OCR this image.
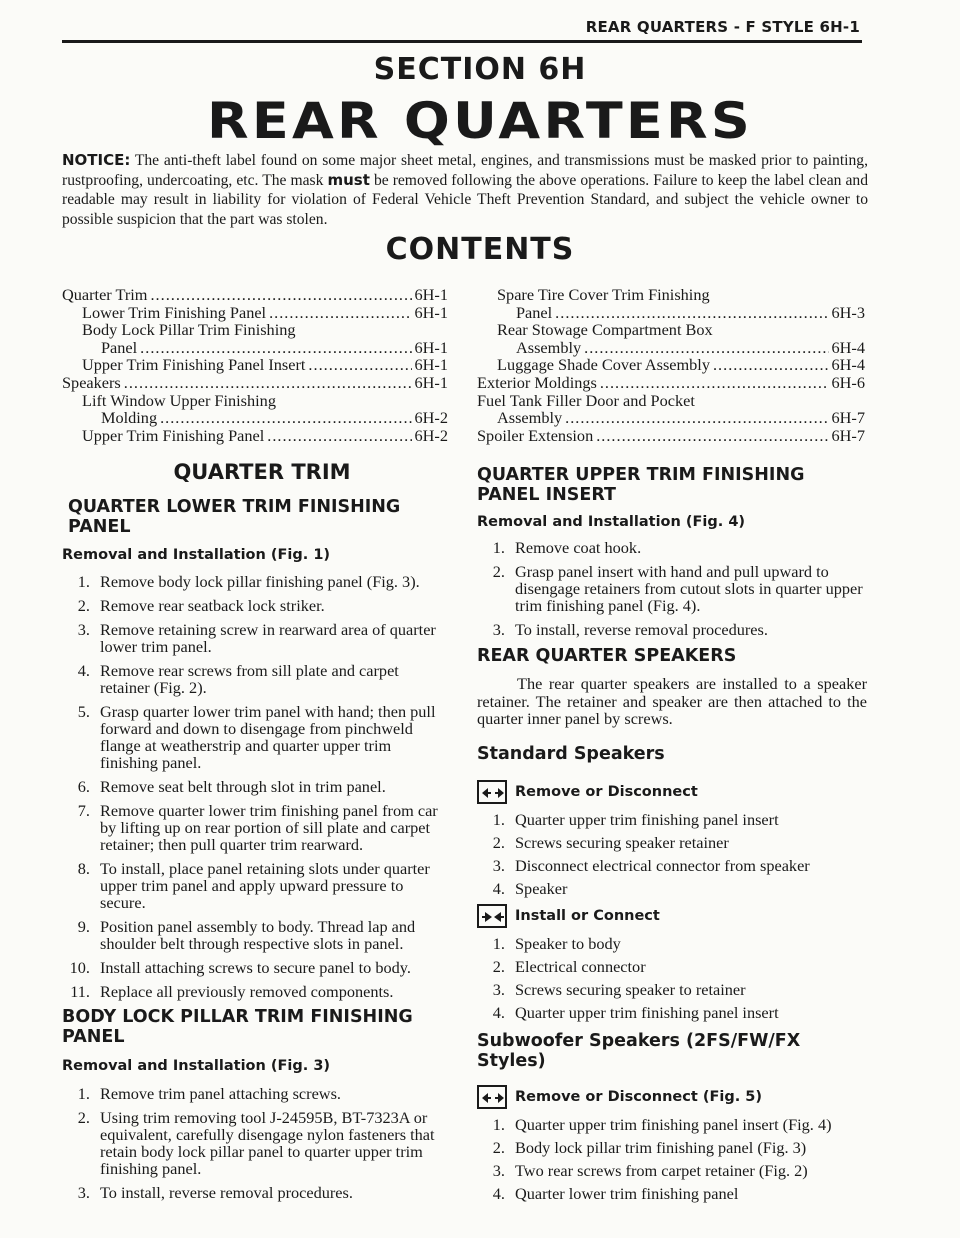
REAR QUARTERS - F STYLE 6H-1
SECTION 6H
REAR QUARTERS
NOTICE: The anti-theft label found on some major sheet metal, engines, and transmissions must be masked prior to painting, rustproofing, undercoating, etc. The mask must be removed following the above operations. Failure to keep the label clean and readable may result in liability for violation of Federal Vehicle Theft Prevention Standard, and subject the vehicle owner to possible suspicion that the part was stolen.
CONTENTS
Quarter Trim .....	6H-1
Lower Trim Finishing Panel .....	6H-1
Body Lock Pillar Trim Finishing
Panel .....	6H-1
Upper Trim Finishing Panel Insert .....	6H-1
Speakers .....	6H-1
Lift Window Upper Finishing
Molding .....	6H-2
Upper Trim Finishing Panel .....	6H-2
Spare Tire Cover Trim Finishing
Panel .....	6H-3
Rear Stowage Compartment Box
Assembly .....	6H-4
Luggage Shade Cover Assembly .....	6H-4
Exterior Moldings .....	6H-6
Fuel Tank Filler Door and Pocket
Assembly .....	6H-7
Spoiler Extension .....	6H-7
QUARTER TRIM
QUARTER LOWER TRIM FINISHING PANEL
Removal and Installation (Fig. 1)
1. Remove body lock pillar finishing panel (Fig. 3).
2. Remove rear seatback lock striker.
3. Remove retaining screw in rearward area of quarter lower trim panel.
4. Remove rear screws from sill plate and carpet retainer (Fig. 2).
5. Grasp quarter lower trim panel with hand; then pull forward and down to disengage from pinchweld flange at weatherstrip and quarter upper trim finishing panel.
6. Remove seat belt through slot in trim panel.
7. Remove quarter lower trim finishing panel from car by lifting up on rear portion of sill plate and carpet retainer; then pull quarter trim rearward.
8. To install, place panel retaining slots under quarter upper trim panel and apply upward pressure to secure.
9. Position panel assembly to body. Thread lap and shoulder belt through respective slots in panel.
10. Install attaching screws to secure panel to body.
11. Replace all previously removed components.
BODY LOCK PILLAR TRIM FINISHING PANEL
Removal and Installation (Fig. 3)
1. Remove trim panel attaching screws.
2. Using trim removing tool J-24595B, BT-7323A or equivalent, carefully disengage nylon fasteners that retain body lock pillar panel to quarter upper trim finishing panel.
3. To install, reverse removal procedures.
QUARTER UPPER TRIM FINISHING PANEL INSERT
Removal and Installation (Fig. 4)
1. Remove coat hook.
2. Grasp panel insert with hand and pull upward to disengage retainers from cutout slots in quarter upper trim finishing panel (Fig. 4).
3. To install, reverse removal procedures.
REAR QUARTER SPEAKERS
The rear quarter speakers are installed to a speaker retainer. The retainer and speaker are then attached to the quarter inner panel by screws.
Standard Speakers
Remove or Disconnect
1. Quarter upper trim finishing panel insert
2. Screws securing speaker retainer
3. Disconnect electrical connector from speaker
4. Speaker
Install or Connect
1. Speaker to body
2. Electrical connector
3. Screws securing speaker to retainer
4. Quarter upper trim finishing panel insert
Subwoofer Speakers (2FS/FW/FX Styles)
Remove or Disconnect (Fig. 5)
1. Quarter upper trim finishing panel insert (Fig. 4)
2. Body lock pillar trim finishing panel (Fig. 3)
3. Two rear screws from carpet retainer (Fig. 2)
4. Quarter lower trim finishing panel
